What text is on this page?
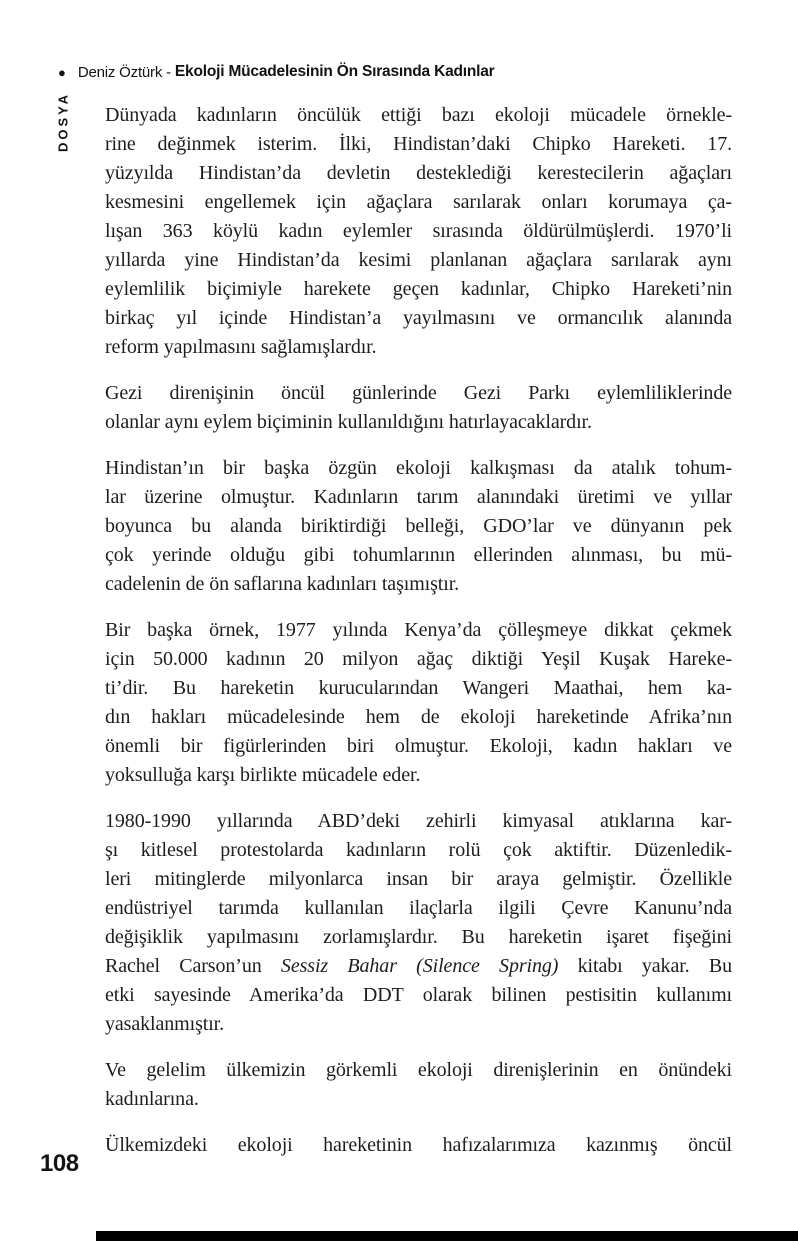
● Deniz Öztürk - Ekoloji Mücadelesinin Ön Sırasında Kadınlar
DOSYA Dünyada kadınların öncülük ettiği bazı ekoloji mücadele örnekle-
rine değinmek isterim. İlki, Hindistan’daki Chipko Hareketi. 17.
yüzyılda Hindistan’da devletin desteklediği kerestecilerin ağaçları
kesmesini engellemek için ağaçlara sarılarak onları korumaya ça-
lışan 363 köylü kadın eylemler sırasında öldürülmüşlerdi. 1970’li
yıllarda yine Hindistan’da kesimi planlanan ağaçlara sarılarak aynı
eylemlilik biçimiyle harekete geçen kadınlar, Chipko Hareketi’nin
birkaç yıl içinde Hindistan’a yayılmasını ve ormancılık alanında
reform yapılmasını sağlamışlardır.
Gezi direnişinin öncül günlerinde Gezi Parkı eylemliliklerinde
olanlar aynı eylem biçiminin kullanıldığını hatırlayacaklardır.
Hindistan’ın bir başka özgün ekoloji kalkışması da atalık tohum-
lar üzerine olmuştur. Kadınların tarım alanındaki üretimi ve yıllar
boyunca bu alanda biriktirdiği belleği, GDO’lar ve dünyanın pek
çok yerinde olduğu gibi tohumlarının ellerinden alınması, bu mü-
cadelenin de ön saflarına kadınları taşımıştır.
Bir başka örnek, 1977 yılında Kenya’da çölleşmeye dikkat çekmek
için 50.000 kadının 20 milyon ağaç diktiği Yeşil Kuşak Hareke-
ti’dir. Bu hareketin kurucularından Wangeri Maathai, hem ka-
dın hakları mücadelesinde hem de ekoloji hareketinde Afrika’nın
önemli bir figürlerinden biri olmuştur. Ekoloji, kadın hakları ve
yoksulluğa karşı birlikte mücadele eder.
1980-1990 yıllarında ABD’deki zehirli kimyasal atıklarına kar-
şı kitlesel protestolarda kadınların rolü çok aktiftir. Düzenledik-
leri mitinglerde milyonlarca insan bir araya gelmiştir. Özellikle
endüstriyel tarımda kullanılan ilaçlarla ilgili Çevre Kanunu’nda
değişiklik yapılmasını zorlamışlardır. Bu hareketin işaret fişeğini
Rachel Carson’un Sessiz Bahar (Silence Spring) kitabı yakar. Bu
etki sayesinde Amerika’da DDT olarak bilinen pestisitin kullanımı
yasaklanmıştır.
Ve gelelim ülkemizin görkemli ekoloji direnişlerinin en önündeki
kadınlarına.
Ülkemizdeki ekoloji hareketinin hafızalarımıza kazınmış öncül
108
